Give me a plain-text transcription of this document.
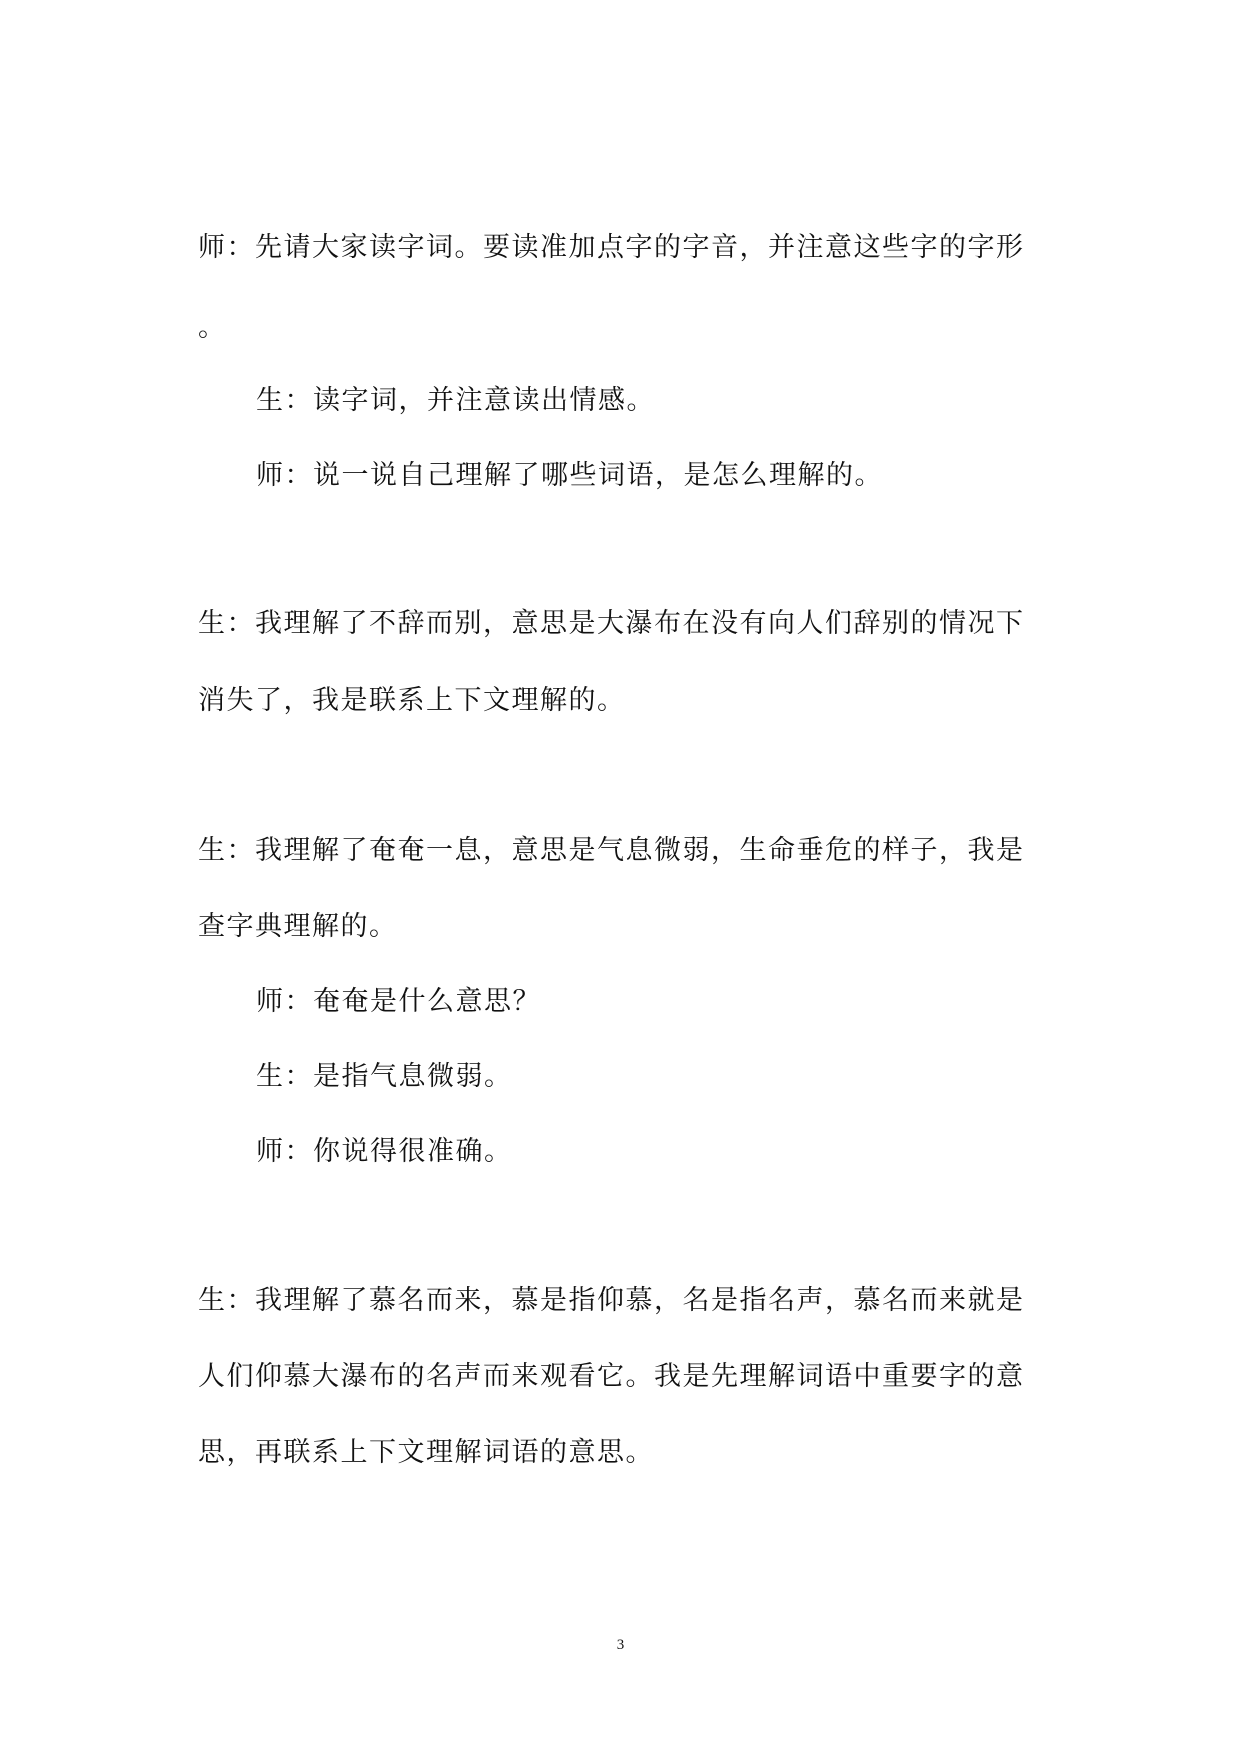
师：先请大家读字词。要读准加点字的字音，并注意这些字的字形
。
生：读字词，并注意读出情感。
师：说一说自己理解了哪些词语，是怎么理解的。
生：我理解了不辞而别，意思是大瀑布在没有向人们辞别的情况下
消失了，我是联系上下文理解的。
生：我理解了奄奄一息，意思是气息微弱，生命垂危的样子，我是
查字典理解的。
师：奄奄是什么意思？
生：是指气息微弱。
师：你说得很准确。
生：我理解了慕名而来，慕是指仰慕，名是指名声，慕名而来就是
人们仰慕大瀑布的名声而来观看它。我是先理解词语中重要字的意
思，再联系上下文理解词语的意思。
3
